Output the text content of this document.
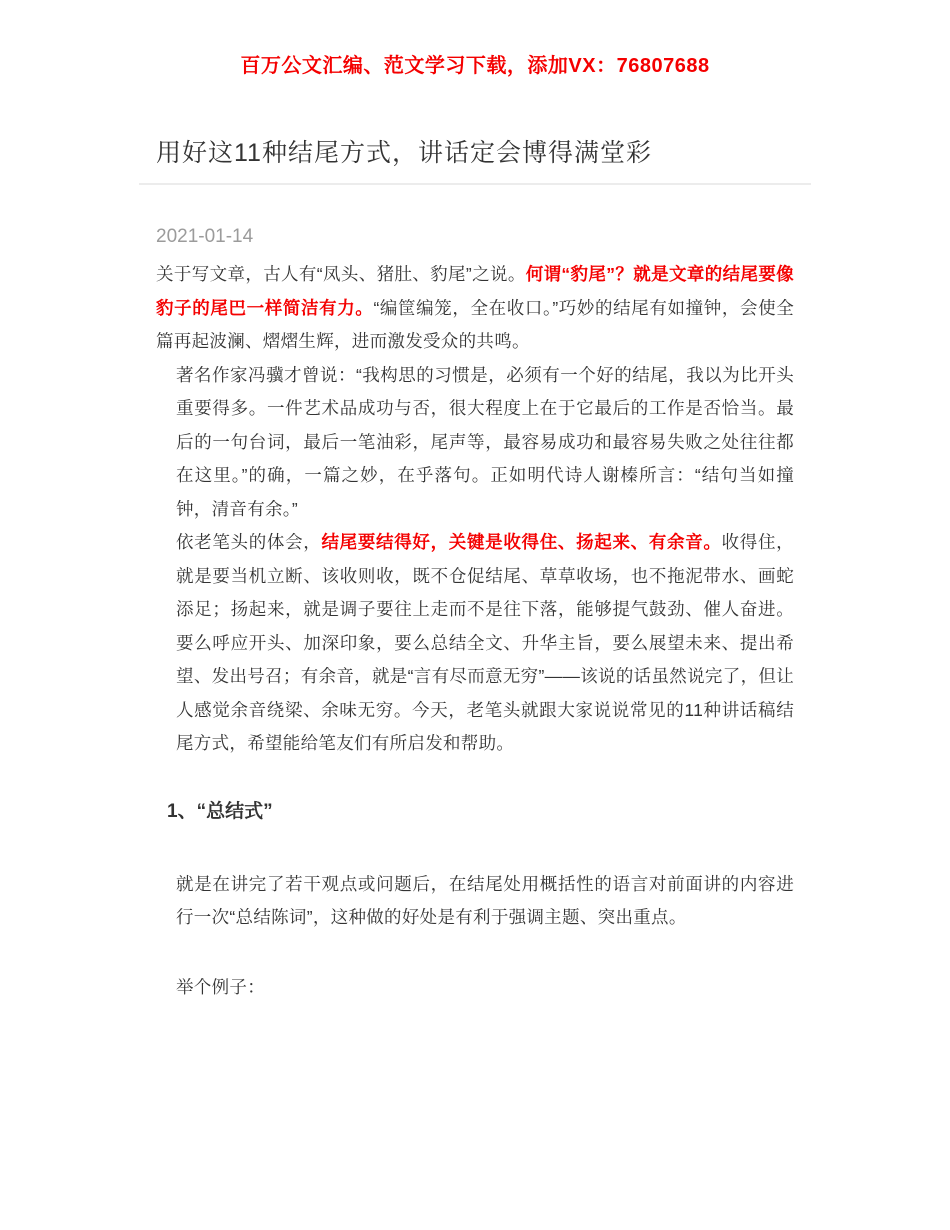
百万公文汇编、范文学习下载，添加VX：76807688
用好这11种结尾方式，讲话定会博得满堂彩
2021-01-14

关于写文章，古人有“凤头、猪肚、豹尾”之说。何谓“豹尾”？就是文章的结尾要像豹子的尾巴一样简洁有力。“编筐编笼，全在收口。”巧妙的结尾有如撞钟，会使全篇再起波澜、熠熠生辉，进而激发受众的共鸣。

著名作家冯骥才曾说：“我构思的习惯是，必须有一个好的结尾，我以为比开头重要得多。一件艺术品成功与否，很大程度上在于它最后的工作是否恰当。最后的一句台词，最后一笔油彩，尾声等，最容易成功和最容易失败之处往往都在这里。”的确，一篇之妙，在乎落句。正如明代诗人谢榛所言：“结句当如撞钟，清音有余。”

依老笔头的体会，结尾要结得好，关键是收得住、扬起来、有余音。收得住，就是要当机立断、该收则收，既不仓促结尾、草草收场，也不拖泥带水、画蛇添足；扬起来，就是调子要往上走而不是往下落，能够提气鼓劲、催人奋进。要么呼应开头、加深印象，要么总结全文、升华主旨，要么展望未来、提出希望、发出号召；有余音，就是“言有尽而意无穷”——该说的话虽然说完了，但让人感觉余音绕梁、余味无穷。今天，老笔头就跟大家说说常见的11种讲话稿结尾方式，希望能给笔友们有所启发和帮助。

1、“总结式”

就是在讲完了若干观点或问题后，在结尾处用概括性的语言对前面讲的内容进行一次“总结陈词”，这种做的好处是有利于强调主题、突出重点。

举个例子：
